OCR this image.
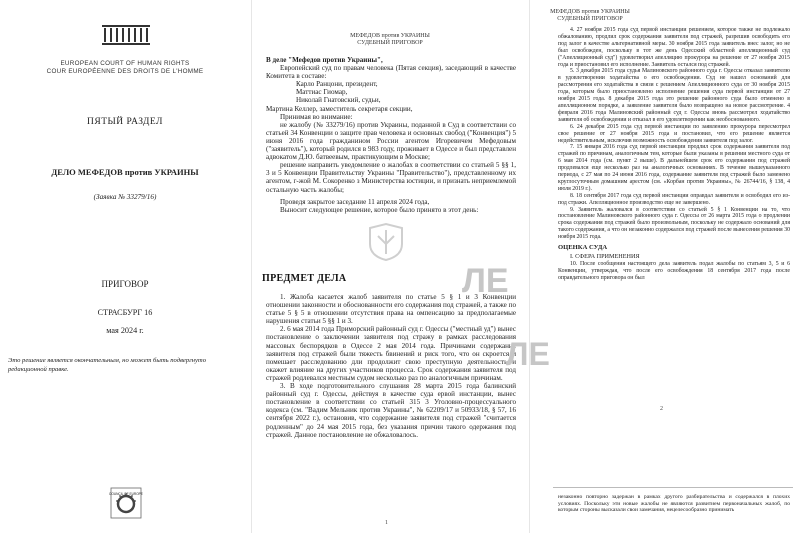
EUROPEAN COURT OF HUMAN RIGHTS
COUR EUROPÉENNE DES DROITS DE L'HOMME
ПЯТЫЙ РАЗДЕЛ
ДЕЛО МЕФЕДОВ против УКРАИНЫ
(Заявка № 33279/16)
ПРИГОВОР
СТРАСБУРГ 16
мая 2024 г.
Это решение является окончательным, но может быть подвергнуто редакционной правке.
COUNCIL OF EUROPE
МЕФЕДОВ против УКРАИНЫ
СУДЕБНЫЙ ПРИГОВОР

В деле "Мефедов против Украины",

Европейский суд по правам человека (Пятая секция), заседающий в качестве Комитета в составе:

Карло Ранцони, президент,

Маттиас Гиомар,

Николай Гнатовский, судьи,

Мартина Келлер, заместитель секретаря секции,

Принимая во внимание:

не жалобу (№ 33279/16) против Украины, поданной в Суд в соответствии со статьей 34 Конвенции о защите прав человека и основных свобод ("Конвенция") 5 июня 2016 года гражданином России агентом Игоревичем Мефедовым ("заявитель"), который родился в 983 году, проживает в Одессе и был представлен адвокатом Д.Ю. батвеевым, практикующим в Москве;

решение направить уведомление о жалобах в соответствии со статьей 5 §§ 1, 3 и 5 Конвенции Правительству Украины "Правительство"), представленному их агентом, г-жой М. Сокоренко з Министерства юстиции, и признать неприемлемой остальную часть жалобы;

Проведя закрытое заседание 11 апреля 2024 года,

Выносит следующее решение, которое было принято в этот день:

ПРЕДМЕТ ДЕЛА

1. Жалоба касается жалоб заявителя по статье 5 § 1 и 3 Конвенции отношении законности и обоснованности его содержания под стражей, а также по статье 5 § 5 в отношении отсутствия права на омпенсацию за предполагаемые нарушения статьи 5 §§ 1 и 3.

2. 6 мая 2014 года Приморский районный суд г. Одессы ("местный уд") вынес постановление о заключении заявителя под стражу в рамках расследования массовых беспорядков в Одессе 2 мая 2014 года. Причинами содержания заявителя под стражей были тяжесть бвинений и риск того, что он скроется и помешает расследованию дли продолжит свою преступную деятельность и окажет влияние на других участников процесса. Срок содержания заявителя под стражей родлевался местным судом несколько раз по аналогичным причинам.

3. В ходе подготовительного слушания 28 марта 2015 года балинский районный суд г. Одессы, действуя в качестве суда ервой инстанции, вынес постановление в соответствии со статьей 315 3 Уголовно-процессуального кодекса (см. "Вадим Мельник против Украины", № 62209/17 и 50933/18, § 57, 16 сентября 2022 г.), остановив, что содержание заявителя под стражей "считается родленным" до 24 мая 2015 года, без указания причин такого одержания под стражей. Данное постановление не обжаловалось.

ЛЕ
1
МЕФЕДОВ против УКРАИНЫ
СУДЕБНЫЙ ПРИГОВОР

4. 27 ноября 2015 года суд первой инстанции решением, которое также не подлежало обжалованию, продлил срок содержания заявителя под стражей, разрешив освободить его под залог в качестве альтернативной меры. 30 ноября 2015 года заявитель внес залог, но не был освобожден, поскольку в тот же день Одесский областной апелляционный суд ("Апелляционный суд") удовлетворил апелляцию прокурора на решение от 27 ноября 2015 года и приостановил его исполнение. Заявитель остался под стражей.

5. 3 декабря 2015 года судья Малиновского районного суда г. Одессы отказал заявителю в удовлетворении ходатайства о его освобождении. Суд не нашел оснований для рассмотрения его ходатайства в связи с решением Апелляционного суда от 30 ноября 2015 года, которым было приостановлено исполнение решения суда первой инстанции от 27 ноября 2015 года. 8 декабря 2015 года это решение районного суда было отменено в апелляционном порядке, а заявление заявителя было возвращено на новое рассмотрение. 4 февраля 2016 года Малиновский районный суд г. Одессы вновь рассмотрел ходатайство заявителя об освобождении и отказал в его удовлетворении как необоснованного.

6. 24 декабря 2015 года суд первой инстанции по заявлению прокурора пересмотрел свое решение от 27 ноября 2015 года и постановил, что его решение является недействительным, исключив возможность освобождения заявителя под залог.

7. 15 января 2016 года суд первой инстанции продлил срок содержания заявителя под стражей по причинам, аналогичным тем, которые были указаны в решении местного суда от 6 мая 2014 года (см. пункт 2 выше). В дальнейшем срок его содержания под стражей продлевался еще несколько раз на аналогичных основаниях. В течение вышеуказанного периода, с 27 мая по 24 июня 2016 года, содержание заявителя под стражей было заменено круглосуточным домашним арестом (см. «Корбан против Украины», № 26744/16, § 138, 4 июля 2019 г.).

8. 18 сентября 2017 года суд первой инстанции оправдал заявителя и освободил его из-под стражи. Апелляционное производство еще не завершено.

9. Заявитель жаловался в соответствии со статьей 5 § 1 Конвенции на то, что постановление Малиновского районного суда г. Одессы от 26 марта 2015 года о продлении срока содержания под стражей было произвольным, поскольку не содержало оснований для такого содержания, а что он незаконно содержался под стражей после вынесения решения 30 ноября 2015 года.

ОЦЕНКА СУДА

I. СФЕРА ПРИМЕНЕНИЯ

10. После сообщения настоящего дела заявитель подал жалобы по статьям 3, 5 и 6 Конвенции, утверждая, что после его освобождения 18 сентября 2017 года после оправдательного приговора он был

ЛЕ
2
незаконно повторно задержан в рамках другого разбирательства и содержался в плохих условиях. Поскольку эти новые жалобы не являются развитием первоначальных жалоб, по которым стороны высказали свои замечания, нецелесообразно принимать
